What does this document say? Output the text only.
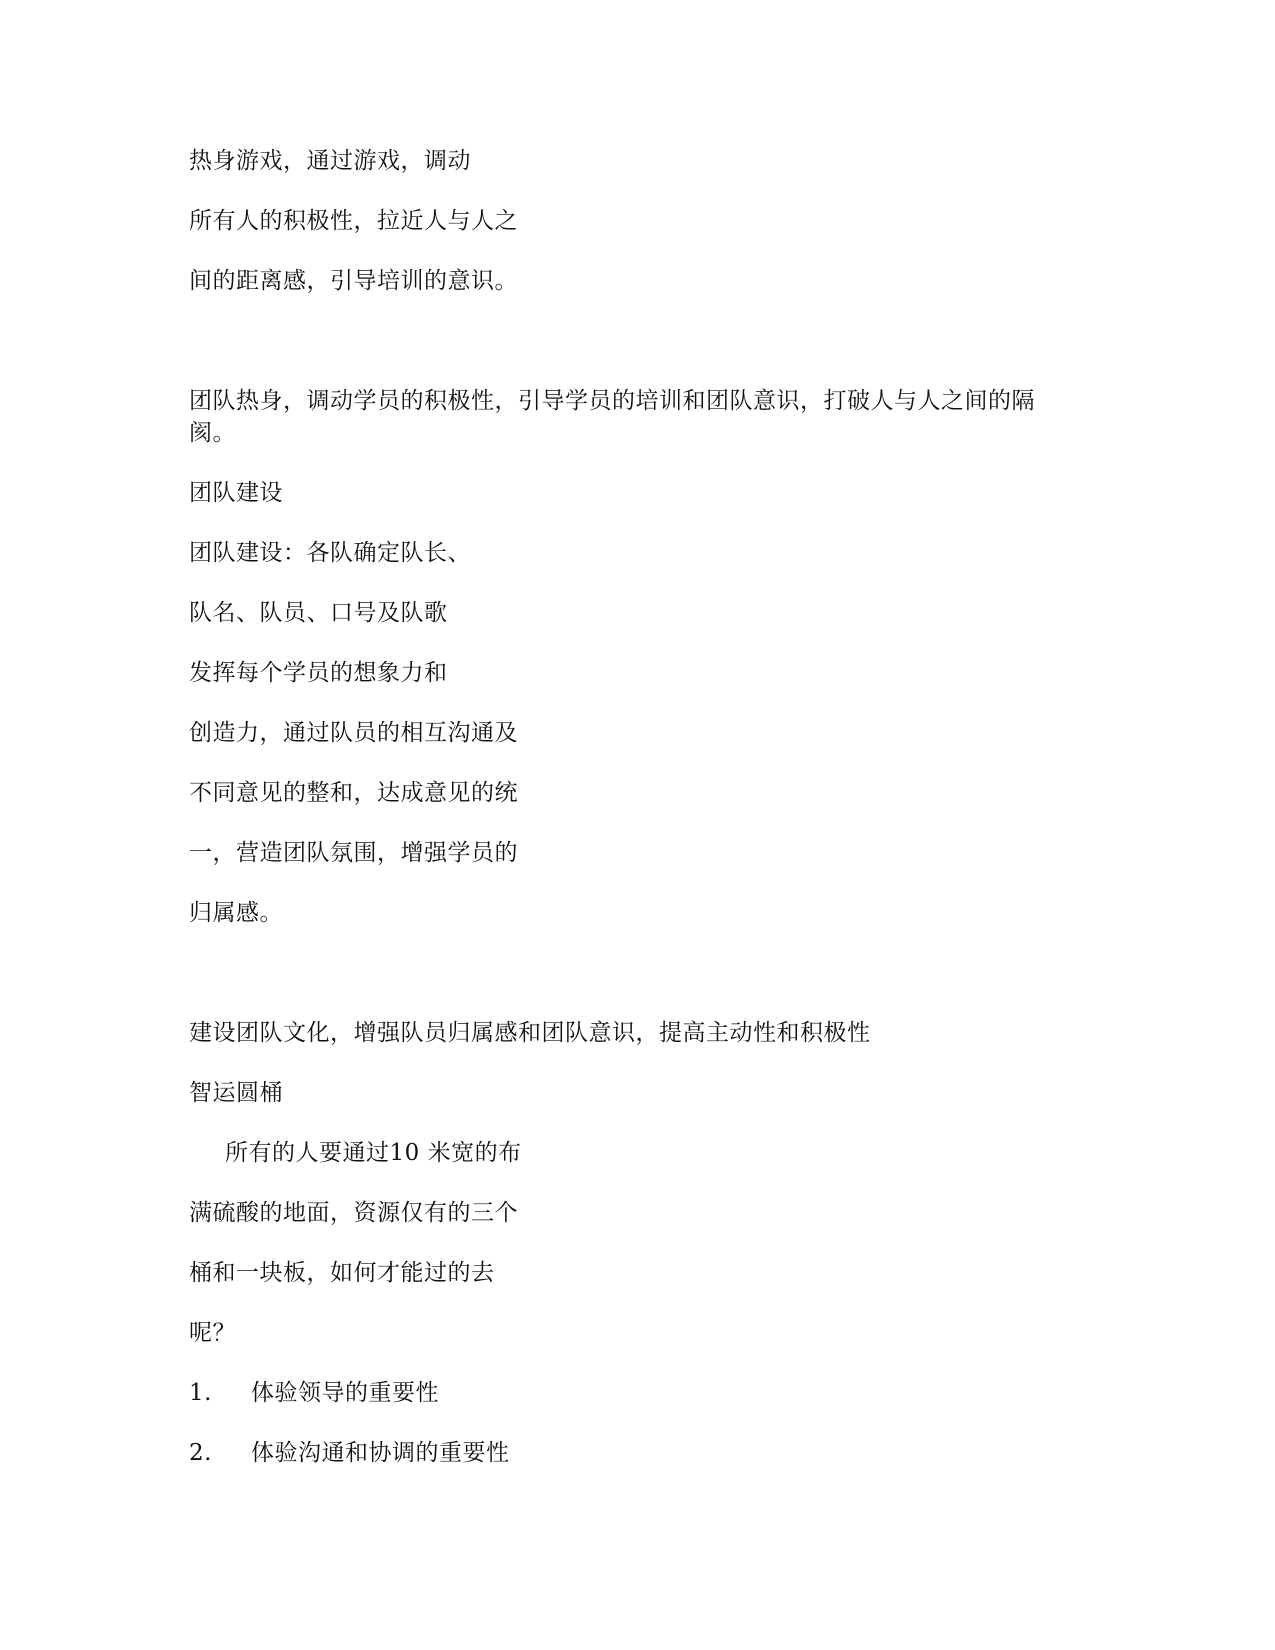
热身游戏，通过游戏，调动
所有人的积极性，拉近人与人之
间的距离感，引导培训的意识。
团队热身，调动学员的积极性，引导学员的培训和团队意识，打破人与人之间的隔
阂。
团队建设
团队建设：各队确定队长、
队名、队员、口号及队歌
发挥每个学员的想象力和
创造力，通过队员的相互沟通及
不同意见的整和，达成意见的统
一，营造团队氛围，增强学员的
归属感。
建设团队文化，增强队员归属感和团队意识，提高主动性和积极性
智运圆桶
所有的人要通过10 米宽的布
满硫酸的地面，资源仅有的三个
桶和一块板，如何才能过的去
呢？
1. 体验领导的重要性
2. 体验沟通和协调的重要性
